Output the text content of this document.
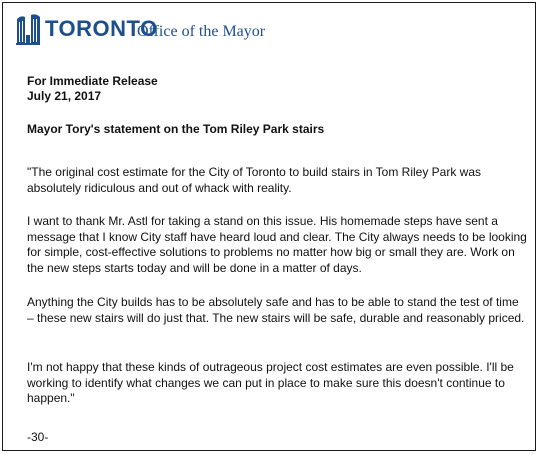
TORONTO
Office of the Mayor
For Immediate Release
July 21, 2017
Mayor Tory's statement on the Tom Riley Park stairs
"The original cost estimate for the City of Toronto to build stairs in Tom Riley Park was absolutely ridiculous and out of whack with reality.
I want to thank Mr. Astl for taking a stand on this issue. His homemade steps have sent a message that I know City staff have heard loud and clear. The City always needs to be looking for simple, cost-effective solutions to problems no matter how big or small they are. Work on the new steps starts today and will be done in a matter of days.
Anything the City builds has to be absolutely safe and has to be able to stand the test of time – these new stairs will do just that. The new stairs will be safe, durable and reasonably priced.
I'm not happy that these kinds of outrageous project cost estimates are even possible. I'll be working to identify what changes we can put in place to make sure this doesn't continue to happen."
-30-
